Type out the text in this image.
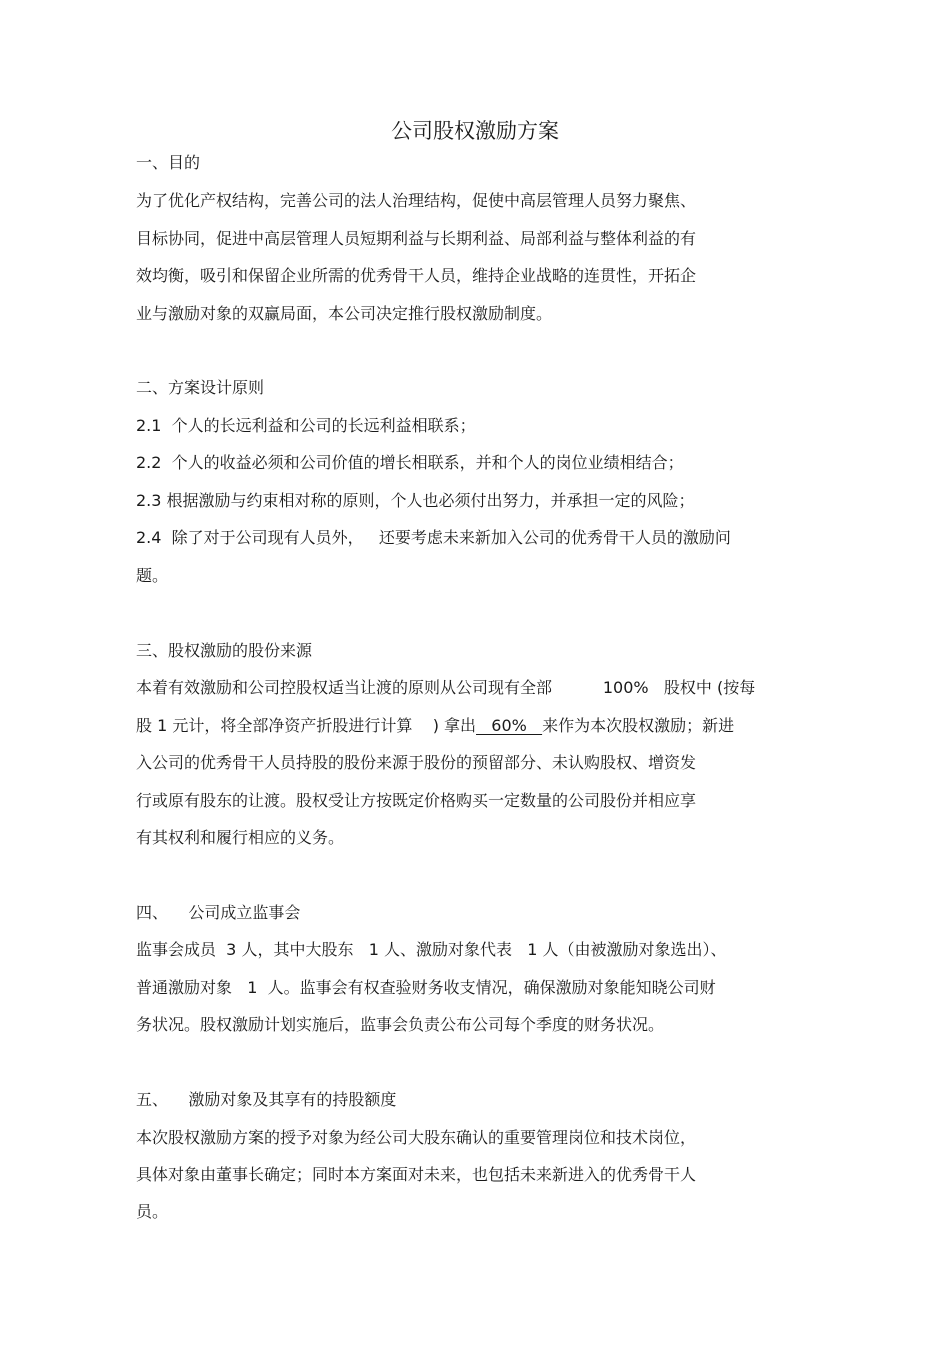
公司股权激励方案
一、目的
为了优化产权结构，完善公司的法人治理结构，促使中高层管理人员努力聚焦、
目标协同，促进中高层管理人员短期利益与长期利益、局部利益与整体利益的有
效均衡，吸引和保留企业所需的优秀骨干人员，维持企业战略的连贯性，开拓企
业与激励对象的双赢局面，本公司决定推行股权激励制度。
二、方案设计原则
2.1  个人的长远利益和公司的长远利益相联系；
2.2  个人的收益必须和公司价值的增长相联系，并和个人的岗位业绩相结合；
2.3 根据激励与约束相对称的原则，个人也必须付出努力，并承担一定的风险；
2.4  除了对于公司现有人员外，   还要考虑未来新加入公司的优秀骨干人员的激励问
题。
三、股权激励的股份来源
本着有效激励和公司控股权适当让渡的原则从公司现有全部          100%   股权中 (按每
股 1 元计，将全部净资产折股进行计算    ) 拿出   60%   来作为本次股权激励；新进
入公司的优秀骨干人员持股的股份来源于股份的预留部分、未认购股权、增资发
行或原有股东的让渡。股权受让方按既定价格购买一定数量的公司股份并相应享
有其权利和履行相应的义务。
四、    公司成立监事会
监事会成员  3 人，其中大股东   1 人、激励对象代表   1 人（由被激励对象选出）、
普通激励对象   1  人。监事会有权查验财务收支情况，确保激励对象能知晓公司财
务状况。股权激励计划实施后，监事会负责公布公司每个季度的财务状况。
五、    激励对象及其享有的持股额度
本次股权激励方案的授予对象为经公司大股东确认的重要管理岗位和技术岗位，
具体对象由董事长确定；同时本方案面对未来，也包括未来新进入的优秀骨干人
员。
